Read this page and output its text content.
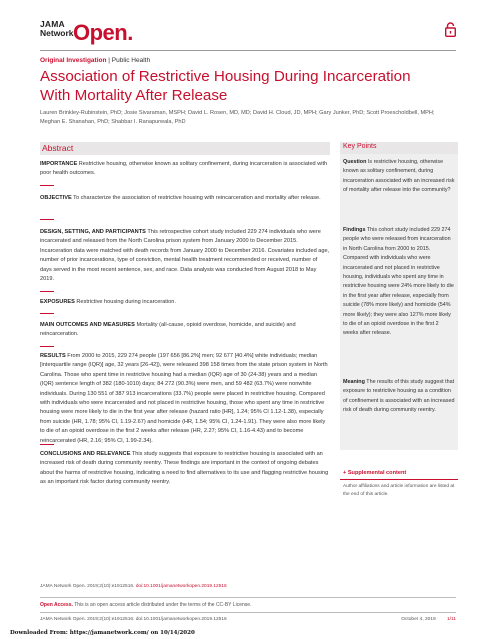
JAMA
Network Open.
Original Investigation | Public Health
Association of Restrictive Housing During Incarceration
With Mortality After Release
Lauren Brinkley-Rubinstein, PhD; Josie Sivaraman, MSPH; David L. Rosen, MD, MD; David H. Cloud, JD, MPH; Gary Junker, PhD; Scott Proescholdbell, MPH;
Meghan E. Shanahan, PhD; Shabbar I. Ranapurwala, PhD
Abstract
IMPORTANCE Restrictive housing, otherwise known as solitary confinement, during incarceration is associated with poor health outcomes.
OBJECTIVE To characterize the association of restrictive housing with reincarceration and mortality after release.
DESIGN, SETTING, AND PARTICIPANTS This retrospective cohort study included 229 274 individuals who were incarcerated and released from the North Carolina prison system from January 2000 to December 2015. Incarceration data were matched with death records from January 2000 to December 2016. Covariates included age, number of prior incarcerations, type of conviction, mental health treatment recommended or received, number of days served in the most recent sentence, sex, and race. Data analysis was conducted from August 2018 to May 2019.
EXPOSURES Restrictive housing during incarceration.
MAIN OUTCOMES AND MEASURES Mortality (all-cause, opioid overdose, homicide, and suicide) and reincarceration.
RESULTS From 2000 to 2015, 229 274 people (197 656 [86.2%] men; 92 677 [40.4%] white individuals; median [interquartile range (IQR)] age, 32 years [26-42]), were released 398 158 times from the state prison system in North Carolina. Those who spent time in restrictive housing had a median (IQR) age of 30 (24-38) years and a median (IQR) sentence length of 382 (180-1010) days; 84 272 (90.3%) were men, and 59 482 (63.7%) were nonwhite individuals. During 130 551 of 387 913 incarcerations (33.7%) people were placed in restrictive housing. Compared with individuals who were incarcerated and not placed in restrictive housing, those who spent any time in restrictive housing were more likely to die in the first year after release (hazard ratio [HR], 1.24; 95% CI 1.12-1.38), especially from suicide (HR, 1.78; 95% CI, 1.19-2.67) and homicide (HR, 1.54; 95% CI, 1.24-1.91). They were also more likely to die of an opioid overdose in the first 2 weeks after release (HR, 2.27; 95% CI, 1.16-4.43) and to become reincarcerated (HR, 2.16; 95% CI, 1.99-2.34).
CONCLUSIONS AND RELEVANCE This study suggests that exposure to restrictive housing is associated with an increased risk of death during community reentry. These findings are important in the context of ongoing debates about the harms of restrictive housing, indicating a need to find alternatives to its use and flagging restrictive housing as an important risk factor during community reentry.
JAMA Network Open. 2019;2(10):e1912516. doi:10.1001/jamanetworkopen.2019.12516
Key Points
Question Is restrictive housing, otherwise known as solitary confinement, during incarceration associated with an increased risk of mortality after release into the community?
Findings This cohort study included 229 274 people who were released from incarceration in North Carolina from 2000 to 2015. Compared with individuals who were incarcerated and not placed in restrictive housing, individuals who spent any time in restrictive housing were 24% more likely to die in the first year after release, especially from suicide (78% more likely) and homicide (54% more likely); they were also 127% more likely to die of an opioid overdose in the first 2 weeks after release.
Meaning The results of this study suggest that exposure to restrictive housing as a condition of confinement is associated with an increased risk of death during community reentry.
+ Supplemental content
Author affiliations and article information are listed at the end of this article.
Open Access. This is an open access article distributed under the terms of the CC-BY License.
JAMA Network Open. 2019;2(10):e1912516. doi:10.1001/jamanetworkopen.2019.12516	October 4, 2019 1/11
Downloaded From: https://jamanetwork.com/ on 10/14/2020
